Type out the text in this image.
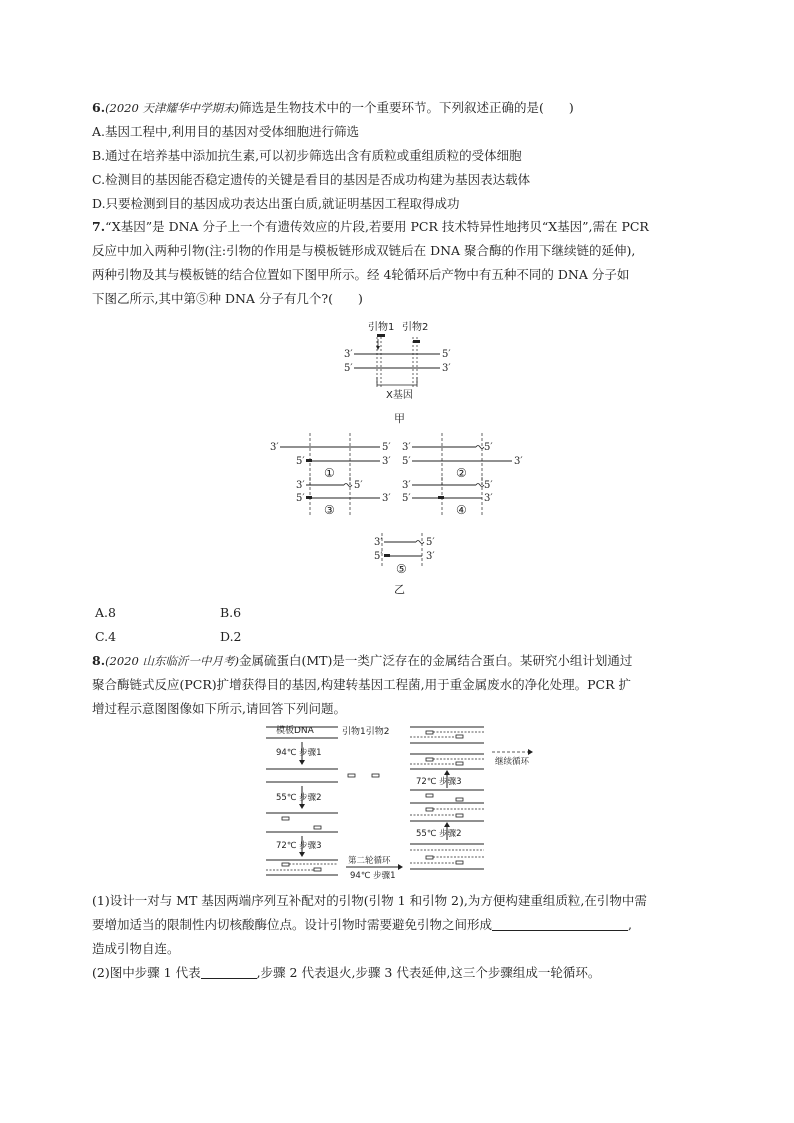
6.(2020 天津耀华中学期末)筛选是生物技术中的一个重要环节。下列叙述正确的是(　　)
A.基因工程中,利用目的基因对受体细胞进行筛选
B.通过在培养基中添加抗生素,可以初步筛选出含有质粒或重组质粒的受体细胞
C.检测目的基因能否稳定遗传的关键是看目的基因是否成功构建为基因表达载体
D.只要检测到目的基因成功表达出蛋白质,就证明基因工程取得成功
7.“X基因”是 DNA 分子上一个有遗传效应的片段,若要用 PCR 技术特异性地拷贝“X基因”,需在 PCR
反应中加入两种引物(注:引物的作用是与模板链形成双链后在 DNA 聚合酶的作用下继续链的延伸),
两种引物及其与模板链的结合位置如下图甲所示。经 4轮循环后产物中有五种不同的 DNA 分子如
下图乙所示,其中第⑤种 DNA 分子有几个?(　　)
引物1 引物2
3′	5′
5′	3′
X基因
甲
3′	5′
5′	3′
①
3′	5′
5′	3′
②
3′	5′
5′	3′
③
3′	5′
5′	3′
④
3′	5′
5′	3′
⑤
乙
A.8	B.6
C.4	D.2
8.(2020 山东临沂一中月考)金属硫蛋白(MT)是一类广泛存在的金属结合蛋白。某研究小组计划通过
聚合酶链式反应(PCR)扩增获得目的基因,构建转基因工程菌,用于重金属废水的净化处理。PCR 扩
增过程示意图图像如下所示,请回答下列问题。
模板DNA	引物1引物2
94℃ 步骤1
55℃ 步骤2
72℃ 步骤3
第二轮循环
94℃ 步骤1
继续循环
72℃ 步骤3
55℃ 步骤2
(1)设计一对与 MT 基因两端序列互补配对的引物(引物 1 和引物 2),为方便构建重组质粒,在引物中需
要增加适当的限制性内切核酸酶位点。设计引物时需要避免引物之间形成	,
造成引物自连。
(2)图中步骤 1 代表	,步骤 2 代表退火,步骤 3 代表延伸,这三个步骤组成一轮循环。
